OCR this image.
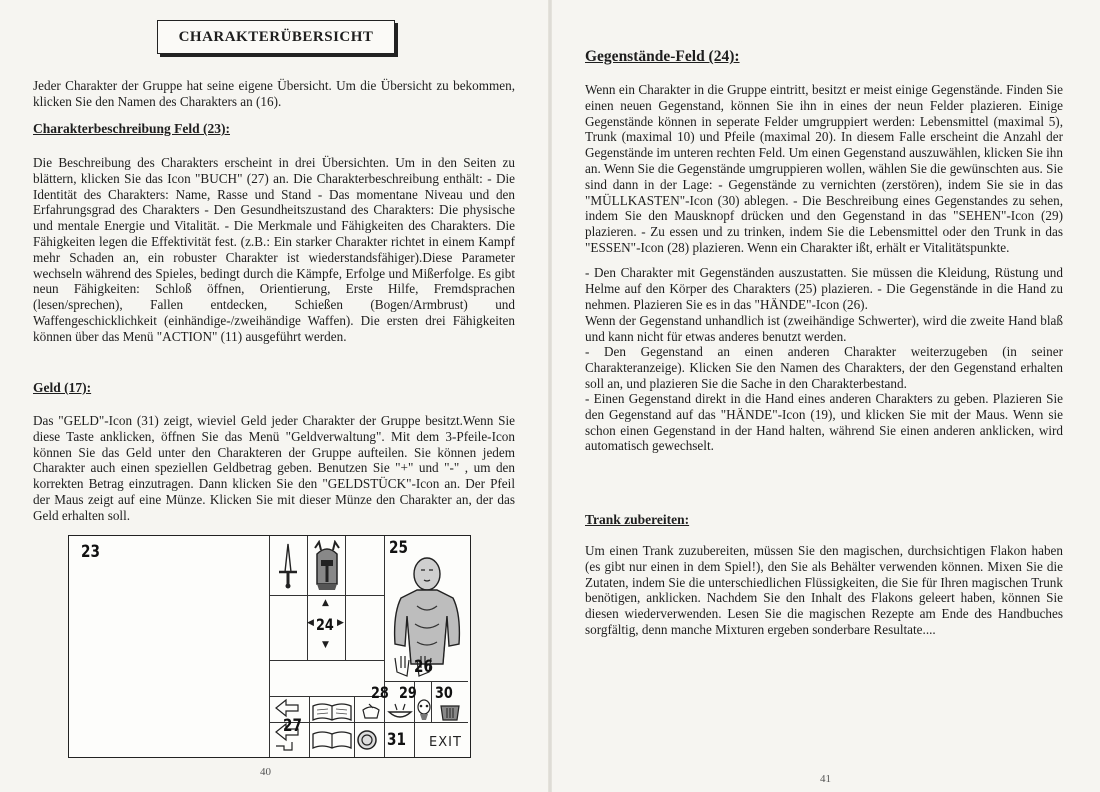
CHARAKTERÜBERSICHT

Jeder Charakter der Gruppe hat seine eigene Übersicht. Um die Übersicht zu bekommen, klicken Sie den Namen des Charakters an (16).

Charakterbeschreibung Feld (23):

Die Beschreibung des Charakters erscheint in drei Übersichten. Um in den Seiten zu blättern, klicken Sie das Icon "BUCH" (27) an. Die Charakterbeschreibung enthält: - Die Identität des Charakters: Name, Rasse und Stand - Das momentane Niveau und den Erfahrungsgrad des Charakters - Den Gesundheitszustand des Charakters: Die physische und mentale Energie und Vitalität. - Die Merkmale und Fähigkeiten des Charakters. Die Fähigkeiten legen die Effektivität fest. (z.B.: Ein starker Charakter richtet in einem Kampf mehr Schaden an, ein robuster Charakter ist wiederstandsfähiger).Diese Parameter wechseln während des Spieles, bedingt durch die Kämpfe, Erfolge und Mißerfolge. Es gibt neun Fähigkeiten: Schloß öffnen, Orientierung, Erste Hilfe, Fremdsprachen (lesen/sprechen), Fallen entdecken, Schießen (Bogen/Armbrust) und Waffengeschicklichkeit (einhändige-/zweihändige Waffen). Die ersten drei Fähigkeiten können über das Menü "ACTION" (11) ausgeführt werden.

Geld (17):

Das "GELD"-Icon (31) zeigt, wieviel Geld jeder Charakter der Gruppe besitzt.Wenn Sie diese Taste anklicken, öffnen Sie das Menü "Geldverwaltung". Mit dem 3-Pfeile-Icon können Sie das Geld unter den Charakteren der Gruppe aufteilen. Sie können jedem Charakter auch einen speziellen Geldbetrag geben. Benutzen Sie "+" und "-" , um den korrekten Betrag einzutragen. Dann klicken Sie den "GELDSTÜCK"-Icon an. Der Pfeil der Maus zeigt auf eine Münze. Klicken Sie mit dieser Münze den Charakter an, der das Geld erhalten soll.

23
▲
◀ 24 ▶
▼
25
26
28 29 30
27
31 EXIT
40

Gegenstände-Feld (24):

Wenn ein Charakter in die Gruppe eintritt, besitzt er meist einige Gegenstände. Finden Sie einen neuen Gegenstand, können Sie ihn in eines der neun Felder plazieren. Einige Gegenstände können in seperate Felder umgruppiert werden: Lebensmittel (maximal 5), Trunk (maximal 10) und Pfeile (maximal 20). In diesem Falle erscheint die Anzahl der Gegenstände im unteren rechten Feld. Um einen Gegenstand auszuwählen, klicken Sie ihn an. Wenn Sie die Gegenstände umgruppieren wollen, wählen Sie die gewünschten aus. Sie sind dann in der Lage: - Gegenstände zu vernichten (zerstören), indem Sie sie in das "MÜLLKASTEN"-Icon (30) ablegen. - Die Beschreibung eines Gegenstandes zu sehen, indem Sie den Mausknopf drücken und den Gegenstand in das "SEHEN"-Icon (29) plazieren. - Zu essen und zu trinken, indem Sie die Lebensmittel oder den Trunk in das "ESSEN"-Icon (28) plazieren. Wenn ein Charakter ißt, erhält er Vitalitätspunkte.

- Den Charakter mit Gegenständen auszustatten. Sie müssen die Kleidung, Rüstung und Helme auf den Körper des Charakters (25) plazieren. - Die Gegenstände in die Hand zu nehmen. Plazieren Sie es in das "HÄNDE"-Icon (26).

Wenn der Gegenstand unhandlich ist (zweihändige Schwerter), wird die zweite Hand blaß und kann nicht für etwas anderes benutzt werden.

- Den Gegenstand an einen anderen Charakter weiterzugeben (in seiner Charakteranzeige). Klicken Sie den Namen des Charakters, der den Gegenstand erhalten soll an, und plazieren Sie die Sache in den Charakterbestand.

- Einen Gegenstand direkt in die Hand eines anderen Charakters zu geben. Plazieren Sie den Gegenstand auf das "HÄNDE"-Icon (19), und klicken Sie mit der Maus. Wenn sie schon einen Gegenstand in der Hand halten, während Sie einen anderen anklicken, wird automatisch gewechselt.

Trank zubereiten:

Um einen Trank zuzubereiten, müssen Sie den magischen, durchsichtigen Flakon haben (es gibt nur einen in dem Spiel!), den Sie als Behälter verwenden können. Mixen Sie die Zutaten, indem Sie die unterschiedlichen Flüssigkeiten, die Sie für Ihren magischen Trunk benötigen, anklicken. Nachdem Sie den Inhalt des Flakons geleert haben, können Sie diesen wiederverwenden. Lesen Sie die magischen Rezepte am Ende des Handbuches sorgfältig, denn manche Mixturen ergeben sonderbare Resultate....

41
